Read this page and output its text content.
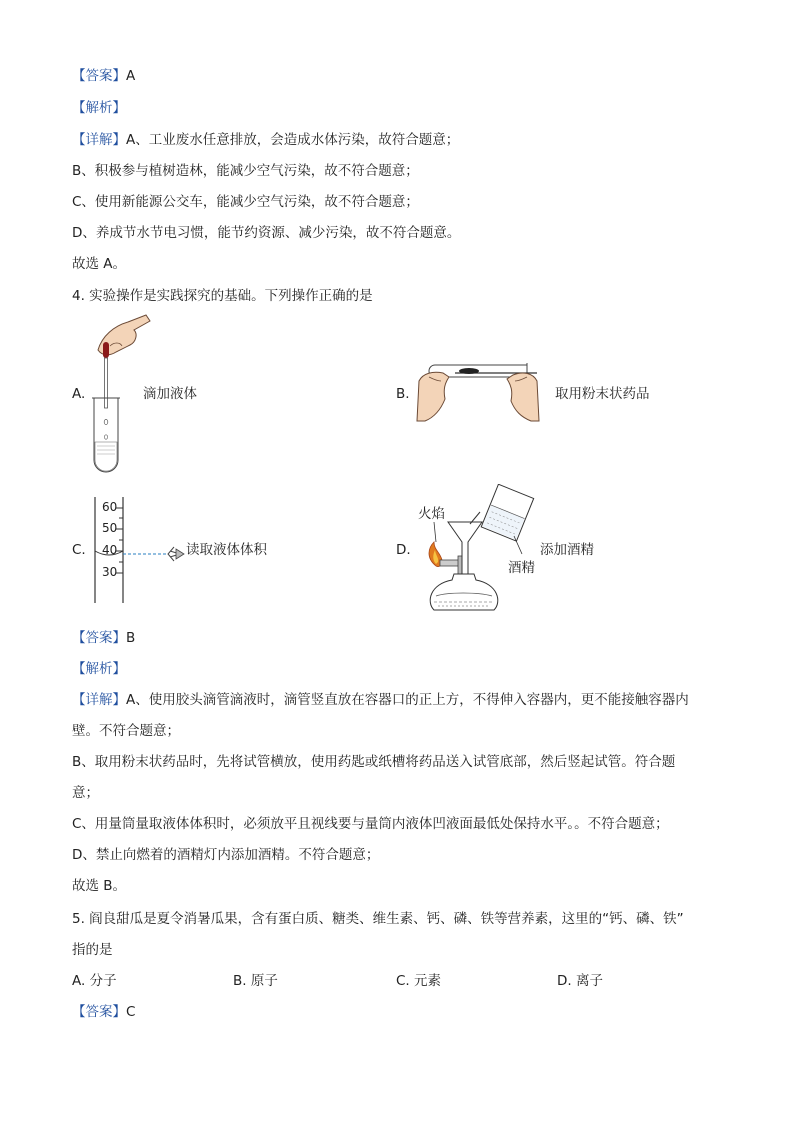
【答案】A
【解析】
【详解】A、工业废水任意排放，会造成水体污染，故符合题意；
B、积极参与植树造林，能减少空气污染，故不符合题意；
C、使用新能源公交车，能减少空气污染，故不符合题意；
D、养成节水节电习惯，能节约资源、减少污染，故不符合题意。
故选 A。
4. 实验操作是实践探究的基础。下列操作正确的是
A.	滴加液体	B.	取用粉末状药品
C.
60
50
40
30
读取液体体积	D.
火焰
酒精
添加酒精
【答案】B
【解析】
【详解】A、使用胶头滴管滴液时，滴管竖直放在容器口的正上方，不得伸入容器内，更不能接触容器内
壁。不符合题意；
B、取用粉末状药品时，先将试管横放，使用药匙或纸槽将药品送入试管底部，然后竖起试管。符合题
意；
C、用量筒量取液体体积时，必须放平且视线要与量筒内液体凹液面最低处保持水平。。不符合题意；
D、禁止向燃着的酒精灯内添加酒精。不符合题意；
故选 B。
5. 阎良甜瓜是夏令消暑瓜果，含有蛋白质、糖类、维生素、钙、磷、铁等营养素，这里的“钙、磷、铁”
指的是
A. 分子	B. 原子	C. 元素	D. 离子
【答案】C
